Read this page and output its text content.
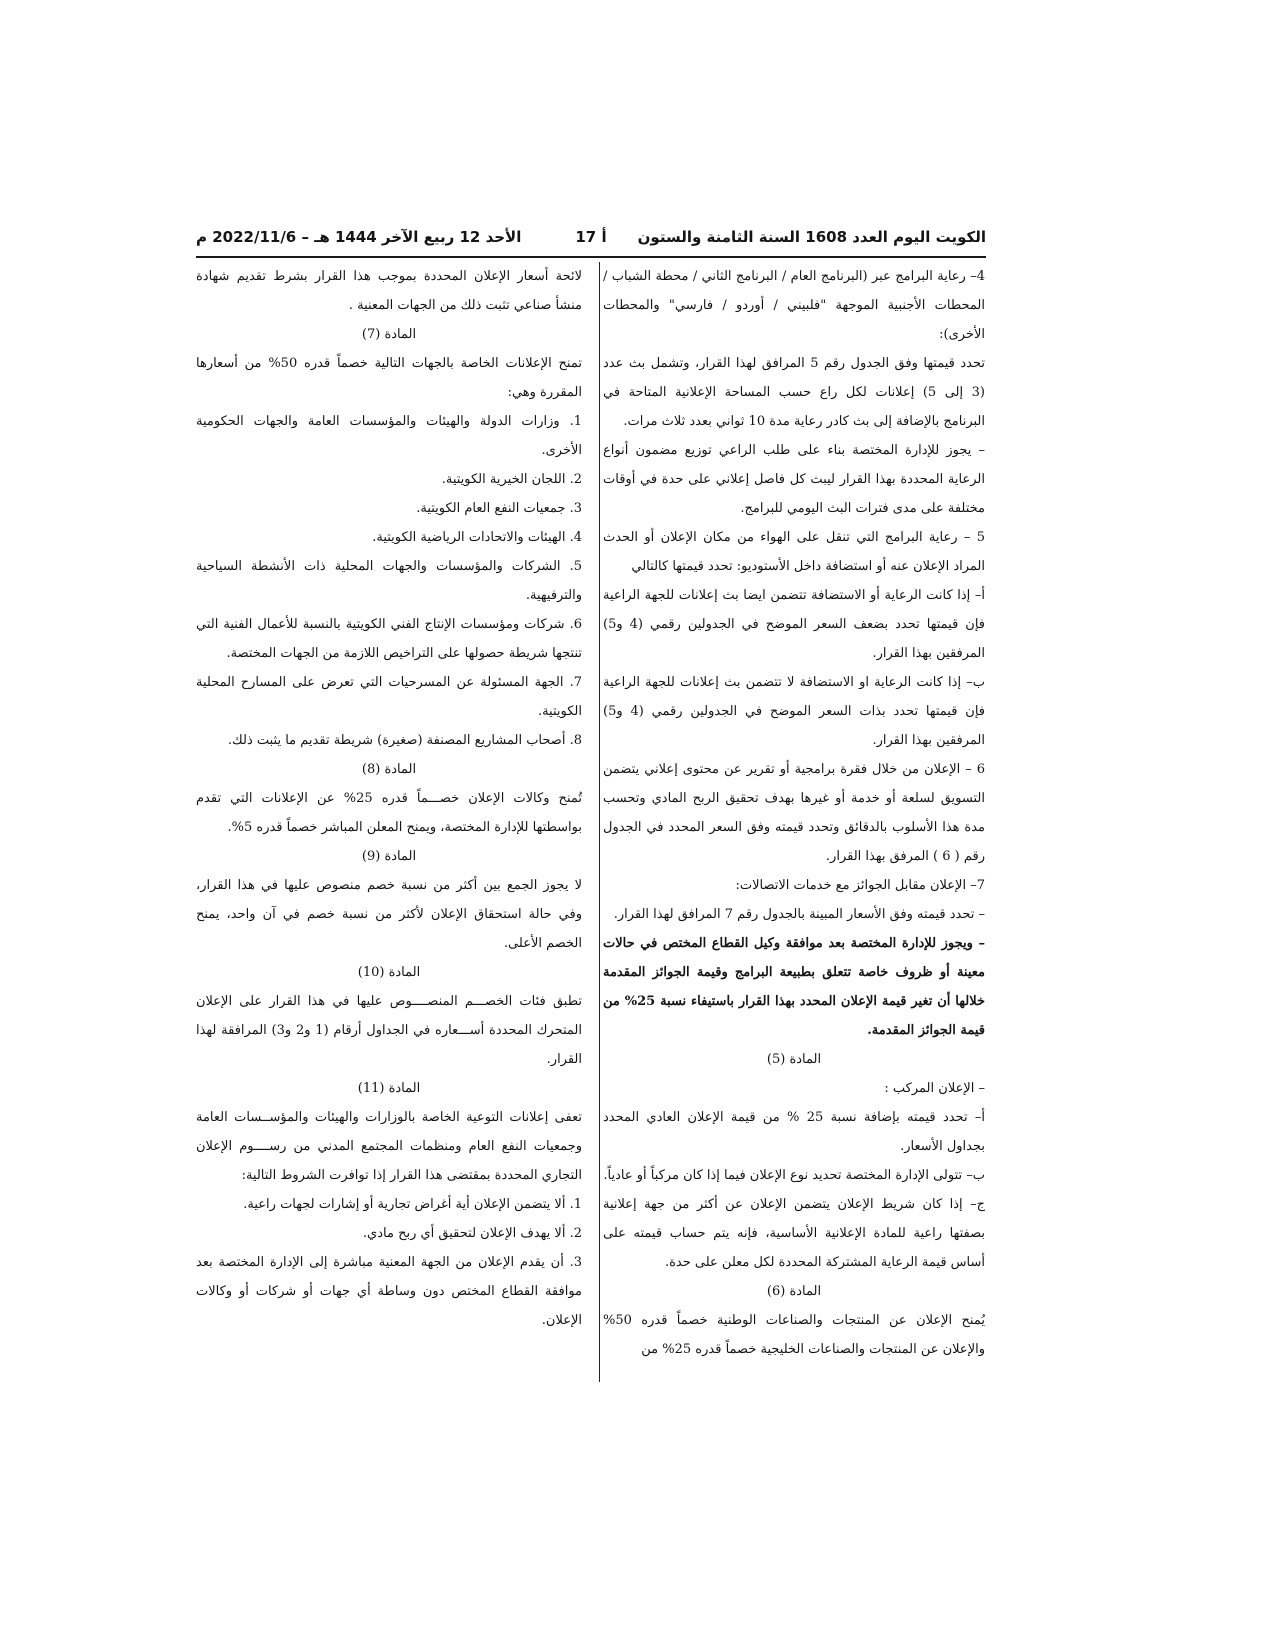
الكويت اليوم العدد 1608 السنة الثامنة والستون
أ 17
الأحد 12 ربيع الآخر 1444 هـ – 2022/11/6 م

4– رعاية البرامج عبر (البرنامج العام / البرنامج الثاني / محطة الشباب / المحطات الأجنبية الموجهة "فلبيني / أوردو / فارسي" والمحطات الأخرى):

تحدد قيمتها وفق الجدول رقم 5 المرافق لهذا القرار، وتشمل بث عدد (3 إلى 5) إعلانات لكل راع حسب المساحة الإعلانية المتاحة في البرنامج بالإضافة إلى بث كادر رعاية مدة 10 ثواني بعدد ثلاث مرات.

– يجوز للإدارة المختصة بناء على طلب الراعي توزيع مضمون أنواع الرعاية المحددة بهذا القرار ليبث كل فاصل إعلاني على حدة في أوقات مختلفة على مدى فترات البث اليومي للبرامج.

5 – رعاية البرامج التي تنقل على الهواء من مكان الإعلان أو الحدث المراد الإعلان عنه أو استضافة داخل الأستوديو: تحدد قيمتها كالتالي

أ– إذا كانت الرعاية أو الاستضافة تتضمن ايضا بث إعلانات للجهة الراعية فإن قيمتها تحدد بضعف السعر الموضح في الجدولين رقمي (4 و5) المرفقين بهذا القرار.

ب– إذا كانت الرعاية او الاستضافة لا تتضمن بث إعلانات للجهة الراعية فإن قيمتها تحدد بذات السعر الموضح في الجدولين رقمي (4 و5) المرفقين بهذا القرار.

6 – الإعلان من خلال فقرة برامجية أو تقرير عن محتوى إعلاني يتضمن التسويق لسلعة أو خدمة أو غيرها بهدف تحقيق الربح المادي وتحسب مدة هذا الأسلوب بالدقائق وتحدد قيمته وفق السعر المحدد في الجدول رقم ( 6 ) المرفق بهذا القرار.

7– الإعلان مقابل الجوائز مع خدمات الاتصالات:

– تحدد قيمته وفق الأسعار المبينة بالجدول رقم 7 المرافق لهذا القرار.

– ويجوز للإدارة المختصة بعد موافقة وكيل القطاع المختص في حالات معينة أو ظروف خاصة تتعلق بطبيعة البرامج وقيمة الجوائز المقدمة خلالها أن تغير قيمة الإعلان المحدد بهذا القرار باستيفاء نسبة 25% من قيمة الجوائز المقدمة.

المادة (5)

– الإعلان المركب :

أ– تحدد قيمته بإضافة نسبة 25 % من قيمة الإعلان العادي المحدد بجداول الأسعار.

ب– تتولى الإدارة المختصة تحديد نوع الإعلان فيما إذا كان مركباً أو عادياً.

ج– إذا كان شريط الإعلان يتضمن الإعلان عن أكثر من جهة إعلانية بصفتها راعية للمادة الإعلانية الأساسية، فإنه يتم حساب قيمته على أساس قيمة الرعاية المشتركة المحددة لكل معلن على حدة.

المادة (6)

يُمنح الإعلان عن المنتجات والصناعات الوطنية خصماً قدره 50% والإعلان عن المنتجات والصناعات الخليجية خصماً قدره 25% من

لائحة أسعار الإعلان المحددة بموجب هذا القرار بشرط تقديم شهادة منشأ صناعي تثبت ذلك من الجهات المعنية .

المادة (7)

تمنح الإعلانات الخاصة بالجهات التالية خصماً قدره 50% من أسعارها المقررة وهي:

1. وزارات الدولة والهيئات والمؤسسات العامة والجهات الحكومية الأخرى.

2. اللجان الخيرية الكويتية.

3. جمعيات النفع العام الكويتية.

4. الهيئات والاتحادات الرياضية الكويتية.

5. الشركات والمؤسسات والجهات المحلية ذات الأنشطة السياحية والترفيهية.

6. شركات ومؤسسات الإنتاج الفني الكويتية بالنسبة للأعمال الفنية التي تنتجها شريطة حصولها على التراخيص اللازمة من الجهات المختصة.

7. الجهة المسئولة عن المسرحيات التي تعرض على المسارح المحلية الكويتية.

8. أصحاب المشاريع المصنفة (صغيرة) شريطة تقديم ما يثبت ذلك.

المادة (8)

تُمنح وكالات الإعلان خصـــماً قدره 25% عن الإعلانات التي تقدم بواسطتها للإدارة المختصة، ويمنح المعلن المباشر خصماً قدره 5%.

المادة (9)

لا يجوز الجمع بين أكثر من نسبة خصم منصوص عليها في هذا القرار، وفي حالة استحقاق الإعلان لأكثر من نسبة خصم في آن واحد، يمنح الخصم الأعلى.

المادة (10)

تطبق فئات الخصـــم المنصــــوص عليها في هذا القرار على الإعلان المتحرك المحددة أســـعاره في الجداول أرقام (1 و2 و3) المرافقة لهذا القرار.

المادة (11)

تعفى إعلانات التوعية الخاصة بالوزارات والهيئات والمؤســسات العامة وجمعيات النفع العام ومنظمات المجتمع المدني من رســــوم الإعلان التجاري المحددة بمقتضى هذا القرار إذا توافرت الشروط التالية:

1. ألا يتضمن الإعلان أية أغراض تجارية أو إشارات لجهات راعية.

2. ألا يهدف الإعلان لتحقيق أي ربح مادي.

3. أن يقدم الإعلان من الجهة المعنية مباشرة إلى الإدارة المختصة بعد موافقة القطاع المختص دون وساطة أي جهات أو شركات أو وكالات الإعلان.
